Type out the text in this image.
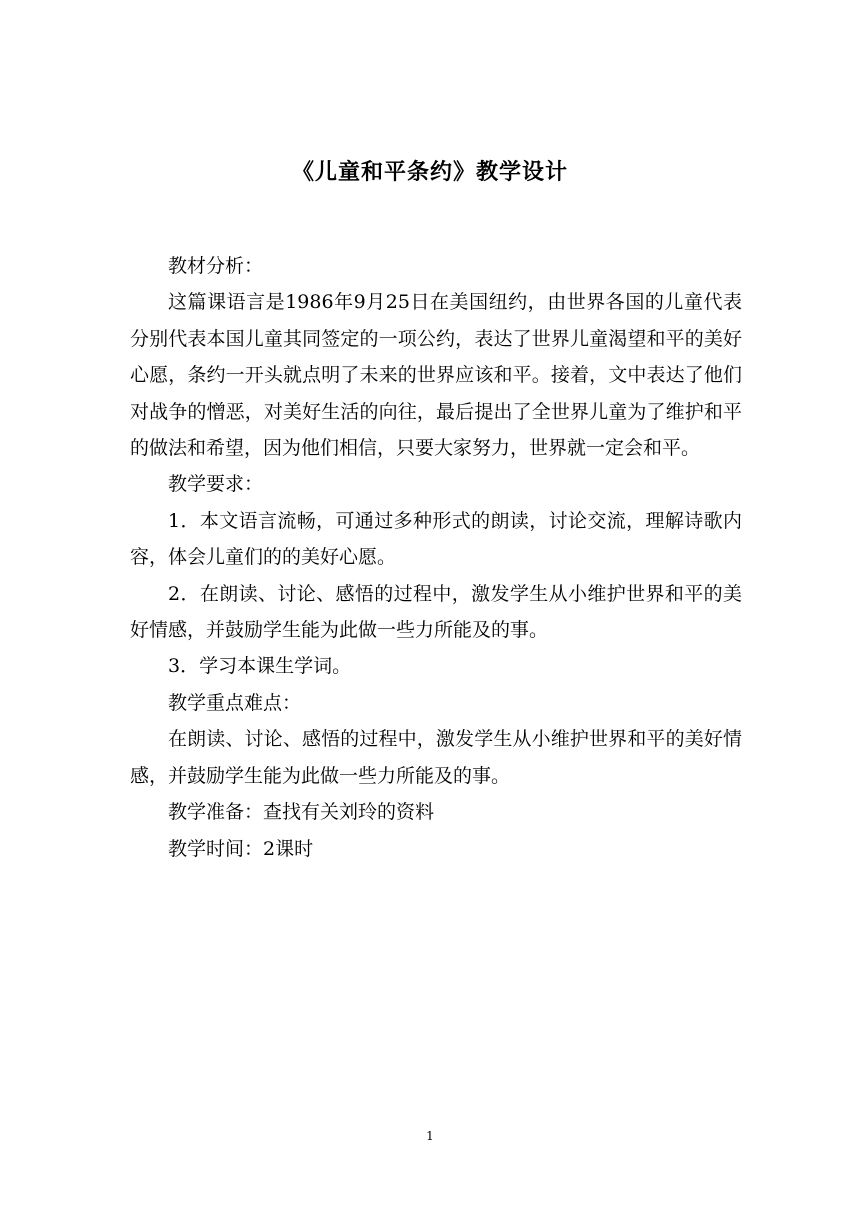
《儿童和平条约》教学设计

教材分析：

这篇课语言是1986年9月25日在美国纽约，由世界各国的儿童代表分别代表本国儿童其同签定的一项公约，表达了世界儿童渴望和平的美好心愿，条约一开头就点明了未来的世界应该和平。接着，文中表达了他们对战争的憎恶，对美好生活的向往，最后提出了全世界儿童为了维护和平的做法和希望，因为他们相信，只要大家努力，世界就一定会和平。

教学要求：

1．本文语言流畅，可通过多种形式的朗读，讨论交流，理解诗歌内容，体会儿童们的的美好心愿。

2．在朗读、讨论、感悟的过程中，激发学生从小维护世界和平的美好情感，并鼓励学生能为此做一些力所能及的事。

3．学习本课生学词。

教学重点难点：

在朗读、讨论、感悟的过程中，激发学生从小维护世界和平的美好情感，并鼓励学生能为此做一些力所能及的事。

教学准备：查找有关刘玲的资料

教学时间：2课时

1
